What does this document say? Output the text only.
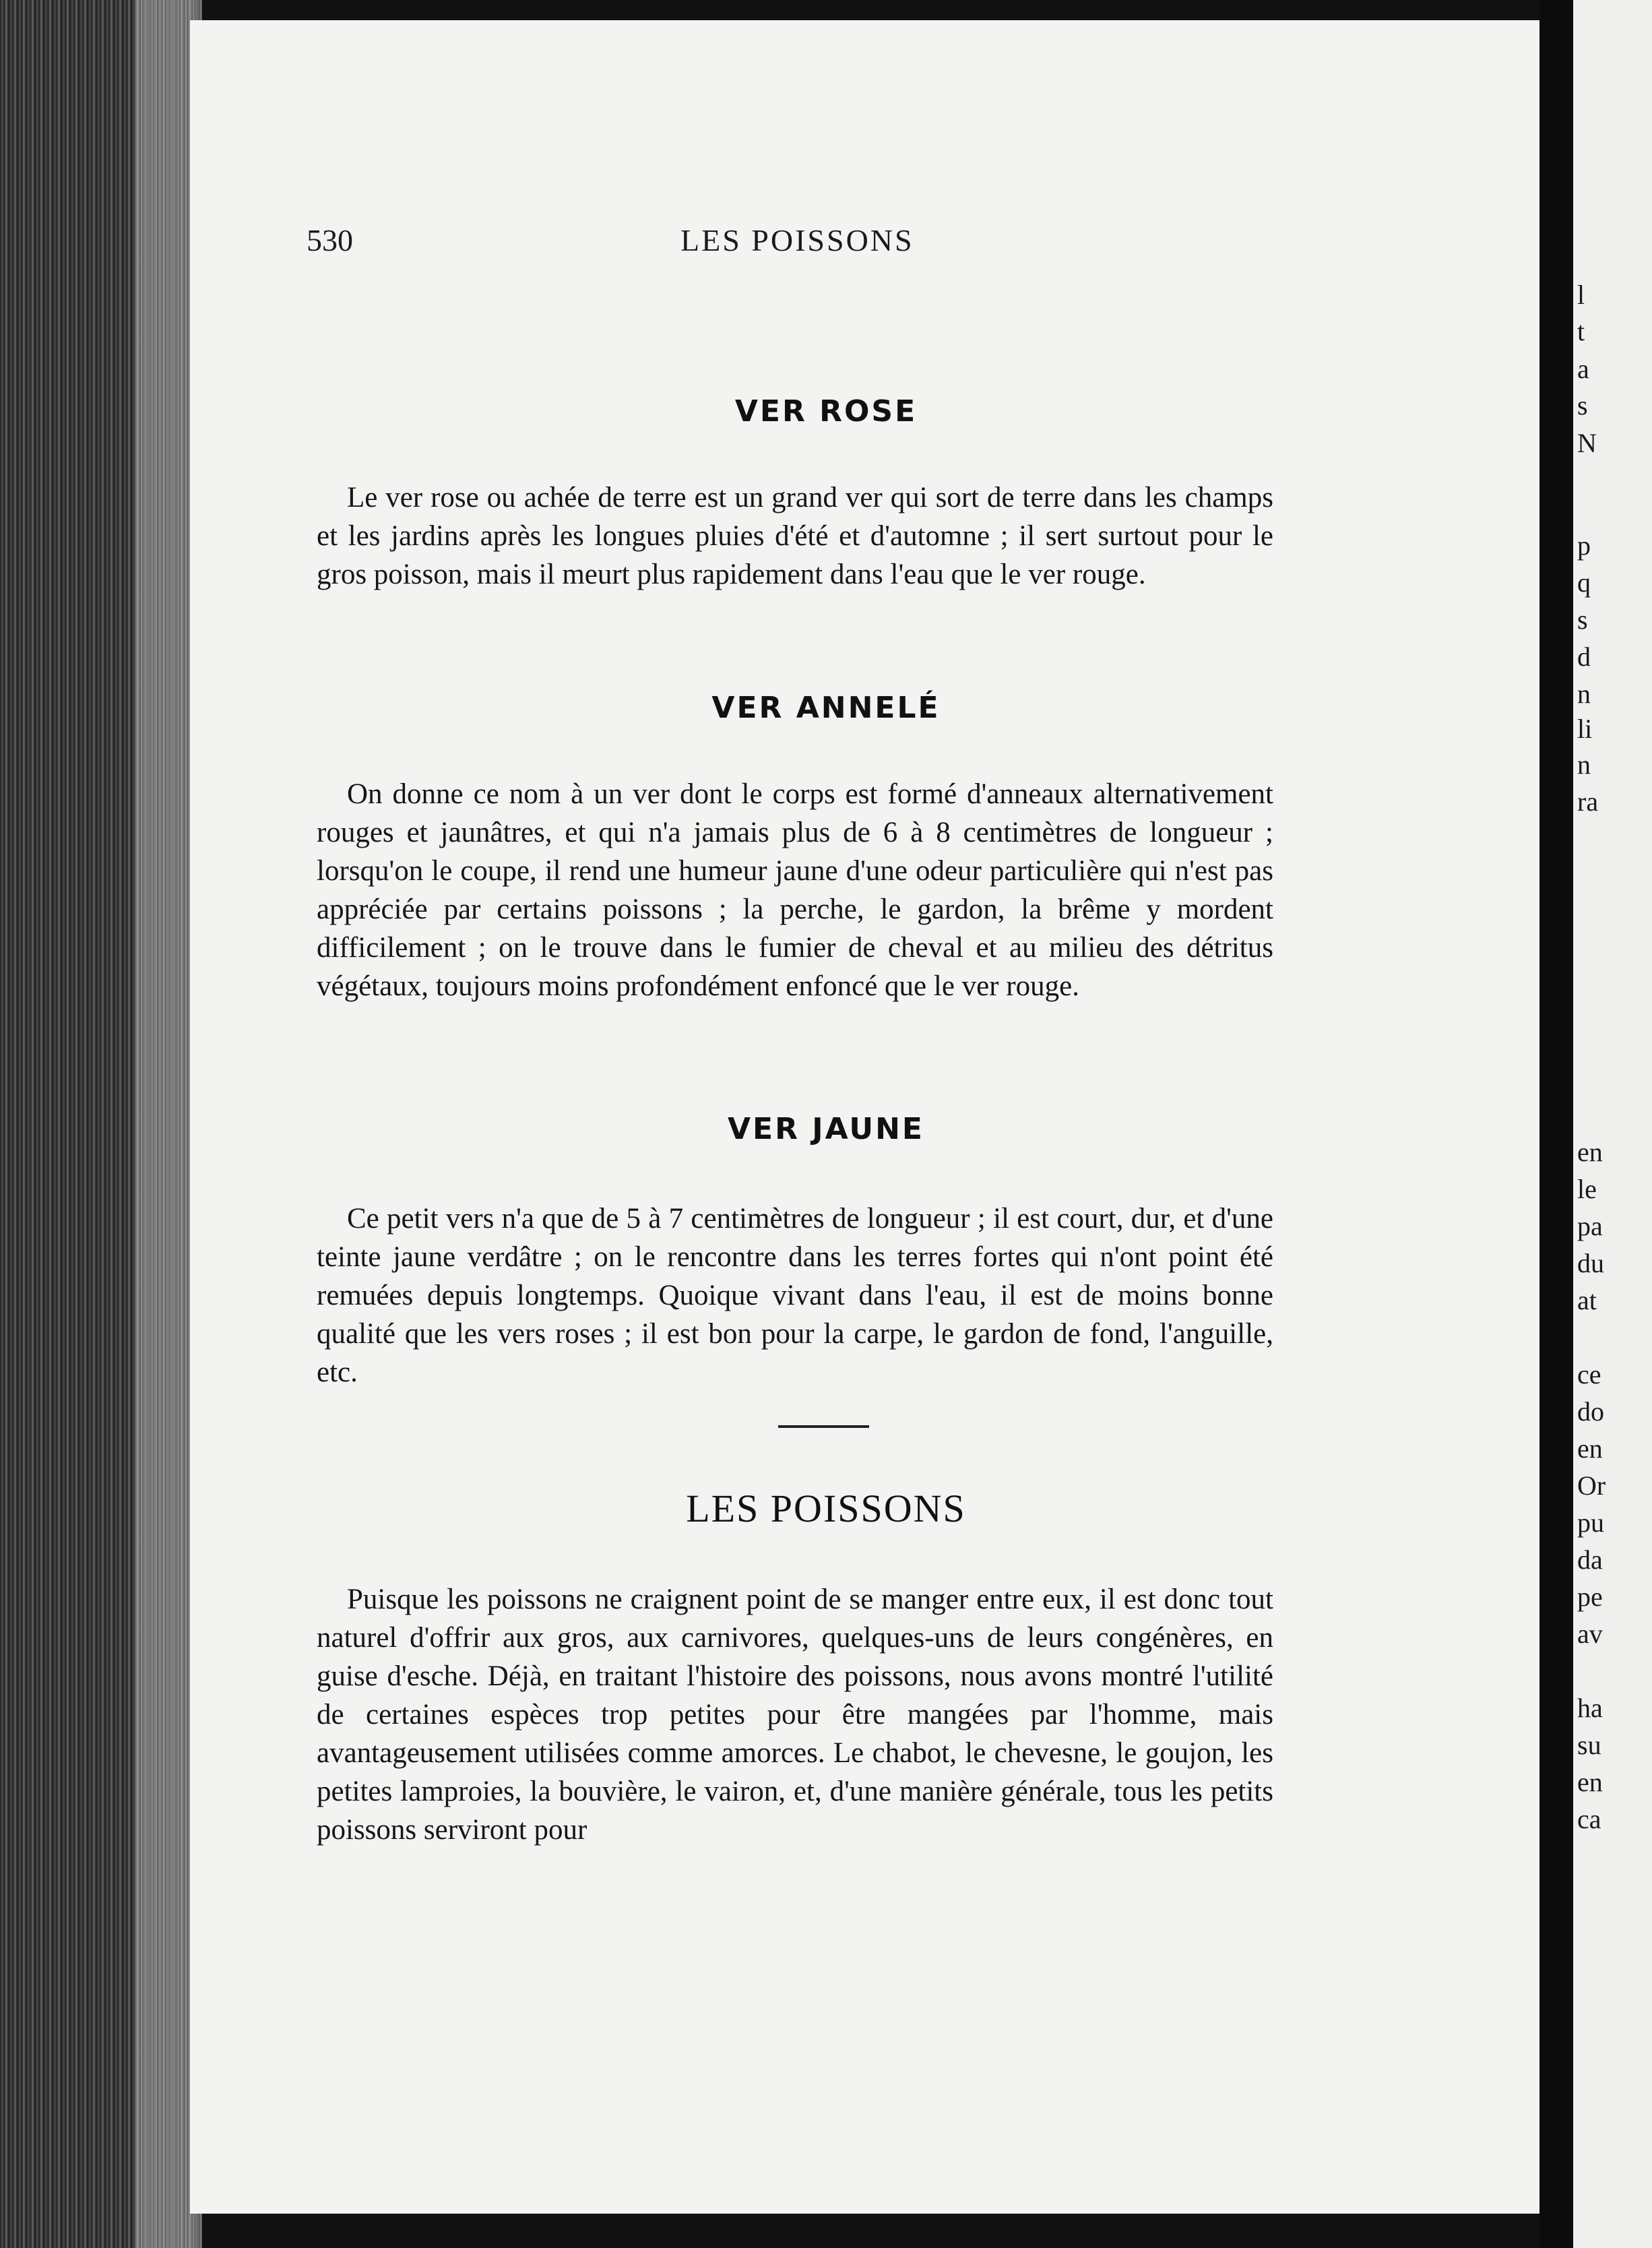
530	LES POISSONS
VER ROSE

Le ver rose ou achée de terre est un grand ver qui sort de terre dans les champs et les jardins après les longues pluies d'été et d'automne ; il sert surtout pour le gros poisson, mais il meurt plus rapidement dans l'eau que le ver rouge.

VER ANNELÉ

On donne ce nom à un ver dont le corps est formé d'anneaux alternativement rouges et jaunâtres, et qui n'a jamais plus de 6 à 8 centimètres de longueur ; lorsqu'on le coupe, il rend une humeur jaune d'une odeur particulière qui n'est pas appréciée par certains poissons ; la perche, le gardon, la brême y mordent difficilement ; on le trouve dans le fumier de cheval et au milieu des détritus végétaux, toujours moins profondément enfoncé que le ver rouge.

VER JAUNE

Ce petit vers n'a que de 5 à 7 centimètres de longueur ; il est court, dur, et d'une teinte jaune verdâtre ; on le rencontre dans les terres fortes qui n'ont point été remuées depuis longtemps. Quoique vivant dans l'eau, il est de moins bonne qualité que les vers roses ; il est bon pour la carpe, le gardon de fond, l'anguille, etc.

LES POISSONS

Puisque les poissons ne craignent point de se manger entre eux, il est donc tout naturel d'offrir aux gros, aux carnivores, quelques-uns de leurs congénères, en guise d'esche. Déjà, en traitant l'histoire des poissons, nous avons montré l'utilité de certaines espèces trop petites pour être mangées par l'homme, mais avantageusement utilisées comme amorces. Le chabot, le chevesne, le goujon, les petites lamproies, la bouvière, le vairon, et, d'une manière générale, tous les petits poissons serviront pour

l
t
a
s
N
p
q
s
d
n
li
n
ra
en
le
pa
du
at
ce
do
en
Or
pu
da
pe
av
ha
su
en
ca
